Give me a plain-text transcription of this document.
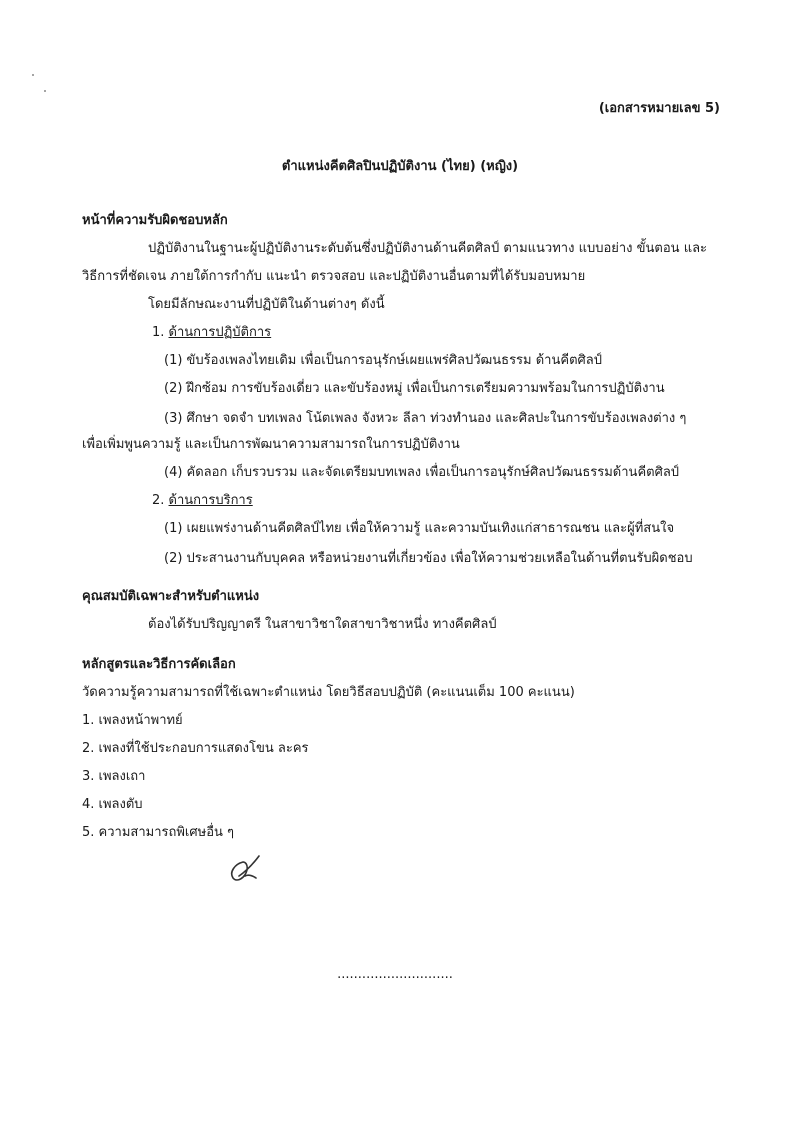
(เอกสารหมายเลข 5)
ตำแหน่งคีตศิลปินปฏิบัติงาน (ไทย) (หญิง)
หน้าที่ความรับผิดชอบหลัก
ปฏิบัติงานในฐานะผู้ปฏิบัติงานระดับต้นซึ่งปฏิบัติงานด้านคีตศิลป์ ตามแนวทาง แบบอย่าง ขั้นตอน และ
วิธีการที่ชัดเจน ภายใต้การกำกับ แนะนำ ตรวจสอบ และปฏิบัติงานอื่นตามที่ได้รับมอบหมาย
โดยมีลักษณะงานที่ปฏิบัติในด้านต่างๆ ดังนี้
1. ด้านการปฏิบัติการ
(1) ขับร้องเพลงไทยเดิม เพื่อเป็นการอนุรักษ์เผยแพร่ศิลปวัฒนธรรม ด้านคีตศิลป์
(2) ฝึกซ้อม การขับร้องเดี่ยว และขับร้องหมู่ เพื่อเป็นการเตรียมความพร้อมในการปฏิบัติงาน
(3) ศึกษา จดจำ บทเพลง โน้ตเพลง จังหวะ ลีลา ท่วงทำนอง และศิลปะในการขับร้องเพลงต่าง ๆ
เพื่อเพิ่มพูนความรู้ และเป็นการพัฒนาความสามารถในการปฏิบัติงาน
(4) คัดลอก เก็บรวบรวม และจัดเตรียมบทเพลง เพื่อเป็นการอนุรักษ์ศิลปวัฒนธรรมด้านคีตศิลป์
2. ด้านการบริการ
(1) เผยแพร่งานด้านคีตศิลป์ไทย เพื่อให้ความรู้ และความบันเทิงแก่สาธารณชน และผู้ที่สนใจ
(2) ประสานงานกับบุคคล หรือหน่วยงานที่เกี่ยวข้อง เพื่อให้ความช่วยเหลือในด้านที่ตนรับผิดชอบ
คุณสมบัติเฉพาะสำหรับตำแหน่ง
ต้องได้รับปริญญาตรี ในสาขาวิชาใดสาขาวิชาหนึ่ง ทางคีตศิลป์
หลักสูตรและวิธีการคัดเลือก
วัดความรู้ความสามารถที่ใช้เฉพาะตำแหน่ง โดยวิธีสอบปฏิบัติ (คะแนนเต็ม 100 คะแนน)
1. เพลงหน้าพาทย์
2. เพลงที่ใช้ประกอบการแสดงโขน ละคร
3. เพลงเถา
4. เพลงตับ
5. ความสามารถพิเศษอื่น ๆ
............................
